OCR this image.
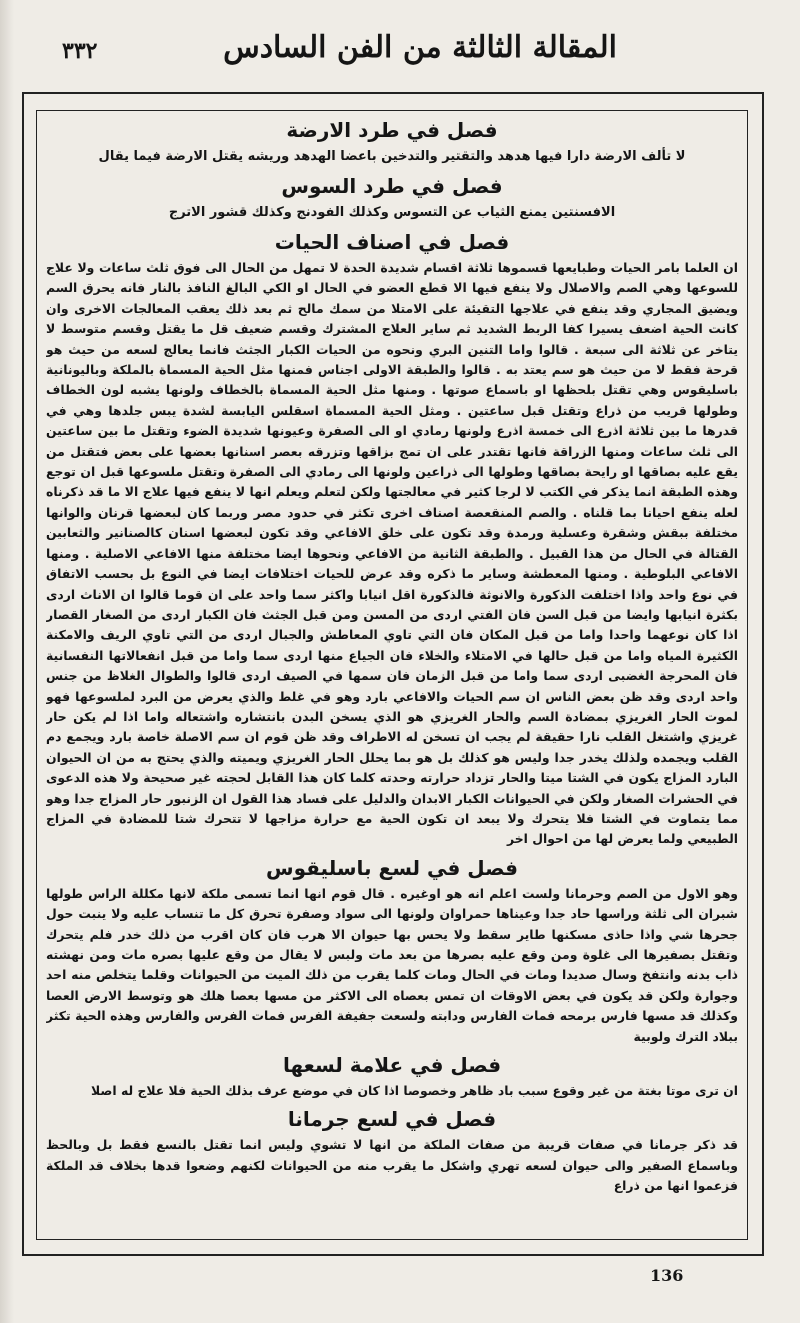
٣٣٢	المقالة الثالثة من الفن السادس
فصل في طرد الارضة

لا تألف الارضة دارا فيها هدهد والتقتير والتدخين باعضا الهدهد وريشه يقتل الارضة فيما يقال

فصل في طرد السوس

الافسنتين يمنع الثياب عن التسوس وكذلك الفودنج وكذلك قشور الاترج

فصل في اصناف الحيات

ان العلما بامر الحيات وطبايعها قسموها ثلاثة اقسام شديدة الحدة لا تمهل من الحال الى فوق ثلث ساعات ولا علاج للسوعها وهي الصم والاصلال ولا ينفع فيها الا قطع العضو في الحال او الكي البالغ النافذ بالنار فانه يحرق السم ويضيق المجاري وقد ينفع في علاجها التقيئة على الامتلا من سمك مالح ثم بعد ذلك يعقب المعالجات الاخرى وان كانت الحية اضعف يسيرا كفا الربط الشديد ثم ساير العلاج المشترك وقسم ضعيف قل ما يقتل وقسم متوسط لا يتاخر عن ثلاثة الى سبعة . قالوا واما التنين البري ونحوه من الحيات الكبار الجثث فانما يعالج لسعه من حيث هو قرحة فقط لا من حيث هو سم يعتد به . قالوا والطبقة الاولى اجناس فمنها مثل الحية المسماة بالملكة وباليونانية باسليقوس وهي تقتل بلحظها او باسماع صوتها . ومنها مثل الحية المسماة بالخطاف ولونها يشبه لون الخطاف وطولها قريب من ذراع وتقتل قبل ساعتين . ومثل الحية المسماة اسقلس اليابسة لشدة يبس جلدها وهي في قدرها ما بين ثلاثة اذرع الى خمسة اذرع ولونها رمادي او الى الصفرة وعيونها شديدة الضوء وتقتل ما بين ساعتين الى ثلث ساعات ومنها الزراقة فانها تقتدر على ان تمج بزاقها وتزرقه بعصر اسنانها بعضها على بعض فتقتل من يقع عليه بصاقها او رايحة بصاقها وطولها الى ذراعين ولونها الى رمادي الى الصفرة وتقتل ملسوعها قبل ان توجع وهذه الطبقة انما يذكر في الكتب لا لرجا كثير في معالجتها ولكن لتعلم ويعلم انها لا ينفع فيها علاج الا ما قد ذكرناه لعله ينفع احيانا بما قلناه . والصم المنقعصة اصناف اخرى تكثر في حدود مصر وربما كان لبعضها قرنان والوانها مختلفة ببقش وشقرة وعسلية ورمدة وقد تكون على خلق الافاعي وقد تكون لبعضها اسنان كالصنانير والثعابين القتالة في الحال من هذا القبيل . والطبقة الثانية من الافاعي ونحوها ايضا مختلفة منها الافاعي الاصلية . ومنها الافاعي البلوطية . ومنها المعطشة وساير ما ذكره وقد عرض للحيات اختلافات ايضا في النوع بل بحسب الاتفاق في نوع واحد واذا اختلفت الذكورة والانوثة فالذكورة اقل انيابا واكثر سما واحد على ان قوما قالوا ان الاناث اردى بكثرة انيابها وايضا من قبل السن فان الفتي اردى من المسن ومن قبل الجثث فان الكبار اردى من الصغار القصار اذا كان نوعهما واحدا واما من قبل المكان فان التي تاوي المعاطش والجبال اردى من التي تاوي الريف والامكنة الكثيرة المياه واما من قبل حالها في الامتلاء والخلاء فان الجياع منها اردى سما واما من قبل انفعالاتها النفسانية فان المحرجة الغضبى اردى سما واما من قبل الزمان فان سمها في الصيف اردى قالوا والطوال الغلاظ من جنس واحد اردى وقد ظن بعض الناس ان سم الحيات والافاعي بارد وهو في غلط والذي يعرض من البرد لملسوعها فهو لموت الحار الغريزي بمضادة السم والحار الغريزي هو الذي يسخن البدن بانتشاره واشتعاله واما اذا لم يكن حار غريزي واشتغل القلب نارا حقيقة لم يجب ان تسخن له الاطراف وقد ظن قوم ان سم الاصلة خاصة بارد ويجمع دم القلب ويجمده ولذلك يخدر جدا وليس هو كذلك بل هو بما يحلل الحار الغريزي ويميته والذي يحتج به من ان الحيوان البارد المزاج يكون في الشتا ميتا والحار تزداد حرارته وحدته كلما كان هذا القابل لحجته غير صحيحة ولا هذه الدعوى في الحشرات الصغار ولكن في الحيوانات الكبار الابدان والدليل على فساد هذا القول ان الزنبور حار المزاج جدا وهو مما يتماوت في الشتا فلا يتحرك ولا يبعد ان تكون الحية مع حرارة مزاجها لا تتحرك شتا للمضادة في المزاج الطبيعي ولما يعرض لها من احوال اخر

فصل في لسع باسليقوس

وهو الاول من الصم وحرمانا ولست اعلم انه هو اوغيره . قال قوم انها انما تسمى ملكة لانها مكللة الراس طولها شبران الى ثلثة وراسها حاد جدا وعيناها حمراوان ولونها الى سواد وصفرة تحرق كل ما تنساب عليه ولا ينبت حول جحرها شي واذا حاذى مسكنها طاير سقط ولا يحس بها حيوان الا هرب فان كان اقرب من ذلك خدر فلم يتحرك وتقتل بصفيرها الى غلوة ومن وقع عليه بصرها من بعد مات ولبس لا يقال من وقع عليها بصره مات ومن نهشته ذاب بدنه وانتفخ وسال صديدا ومات في الحال ومات كلما يقرب من ذلك الميت من الحيوانات وقلما يتخلص منه احد وجوارة ولكن قد يكون في بعض الاوقات ان تمس بعصاه الى الاكثر من مسها بعصا هلك هو وتوسط الارض العصا وكذلك قد مسها فارس برمحه فمات الفارس ودابته ولسعت جفيفة الفرس فمات الفرس والفارس وهذه الحية تكثر ببلاد الترك ولوبية

فصل في علامة لسعها

ان ترى موتا بغتة من غير وقوع سبب باد ظاهر وخصوصا اذا كان في موضع عرف بذلك الحية فلا علاج له اصلا

فصل في لسع جرمانا

قد ذكر جرمانا في صفات قريبة من صفات الملكة من انها لا تشوي وليس انما تقتل بالنسع فقط بل وبالحظ وباسماع الصفير والى حيوان لسعه تهري واشكل ما يقرب منه من الحيوانات لكنهم وضعوا قدها بخلاف قد الملكة فزعموا انها من ذراع

136
